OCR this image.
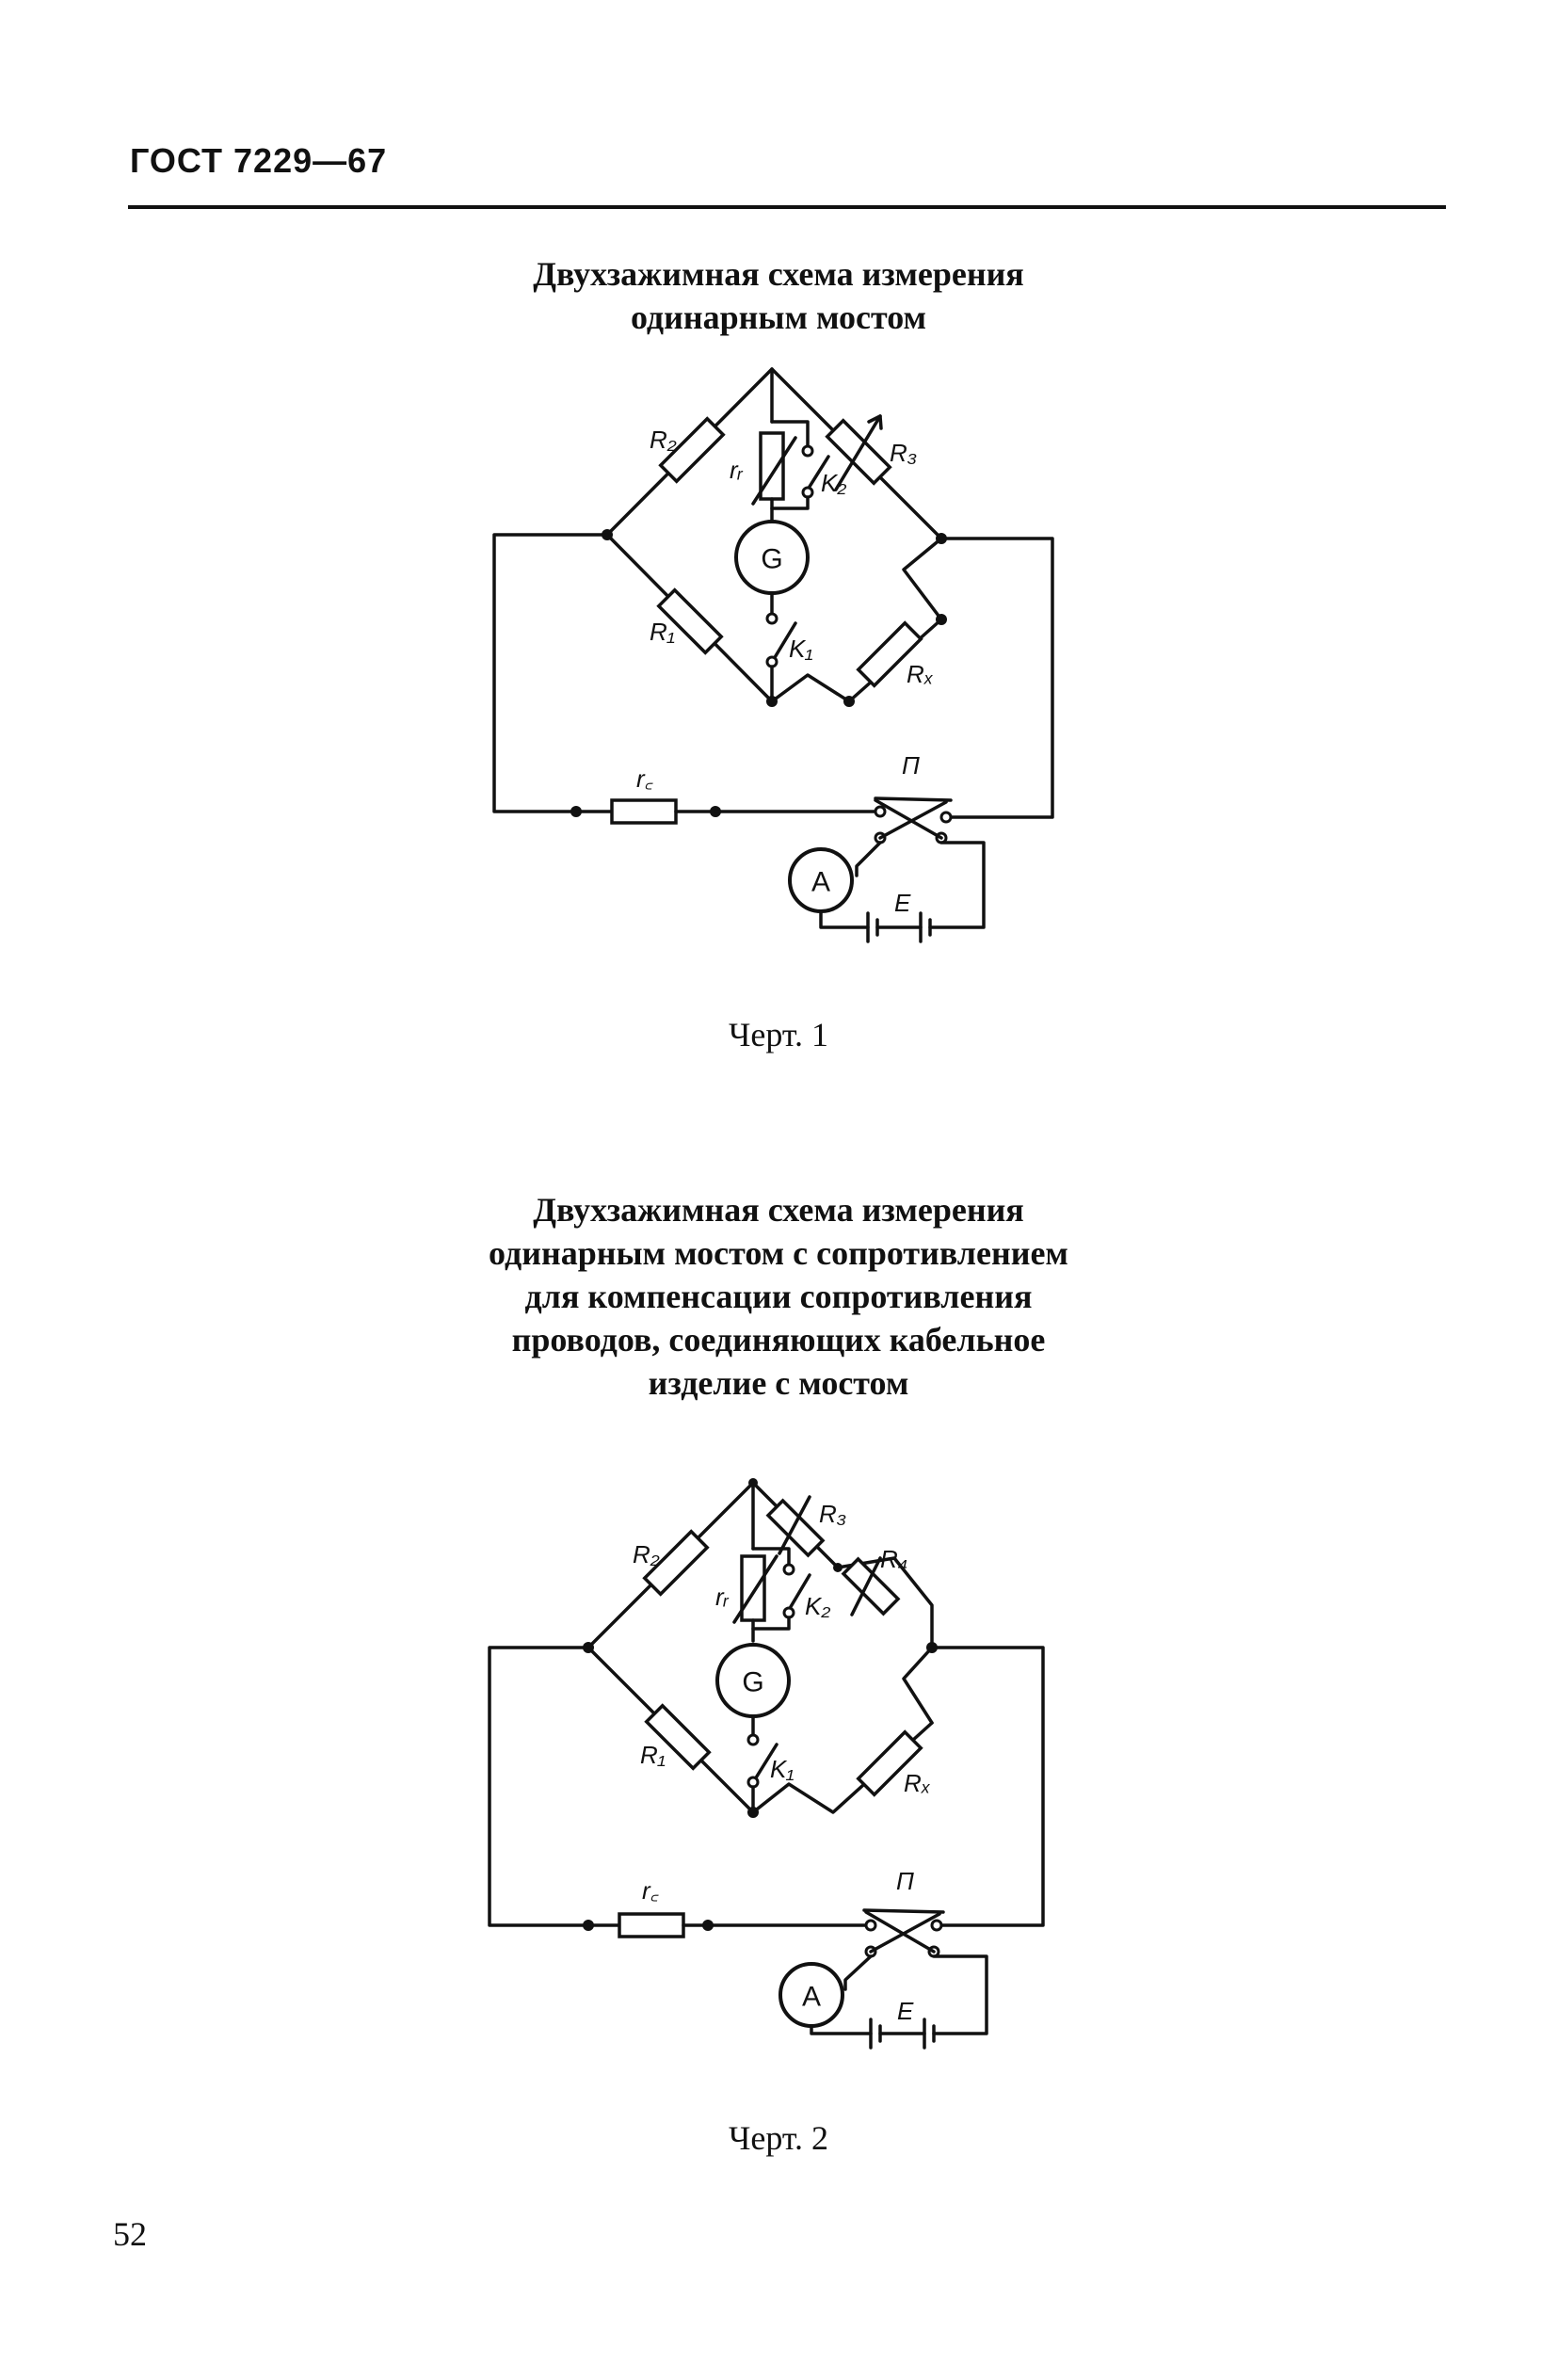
ГОСТ 7229—67
Двухзажимная схема измерения
одинарным мостом
R₂	R₃
R₁
Rₓ
rᵣ	K₂
G
K₁
r꜀	П
A
E
Черт. 1
Двухзажимная схема измерения
одинарным мостом с сопротивлением
для компенсации сопротивления
проводов, соединяющих кабельное
изделие с мостом
R₂
R₃
R₄
R₁
Rₓ
rᵣ	K₂
G
K₁
r꜀	П
A	E
Черт. 2
52
